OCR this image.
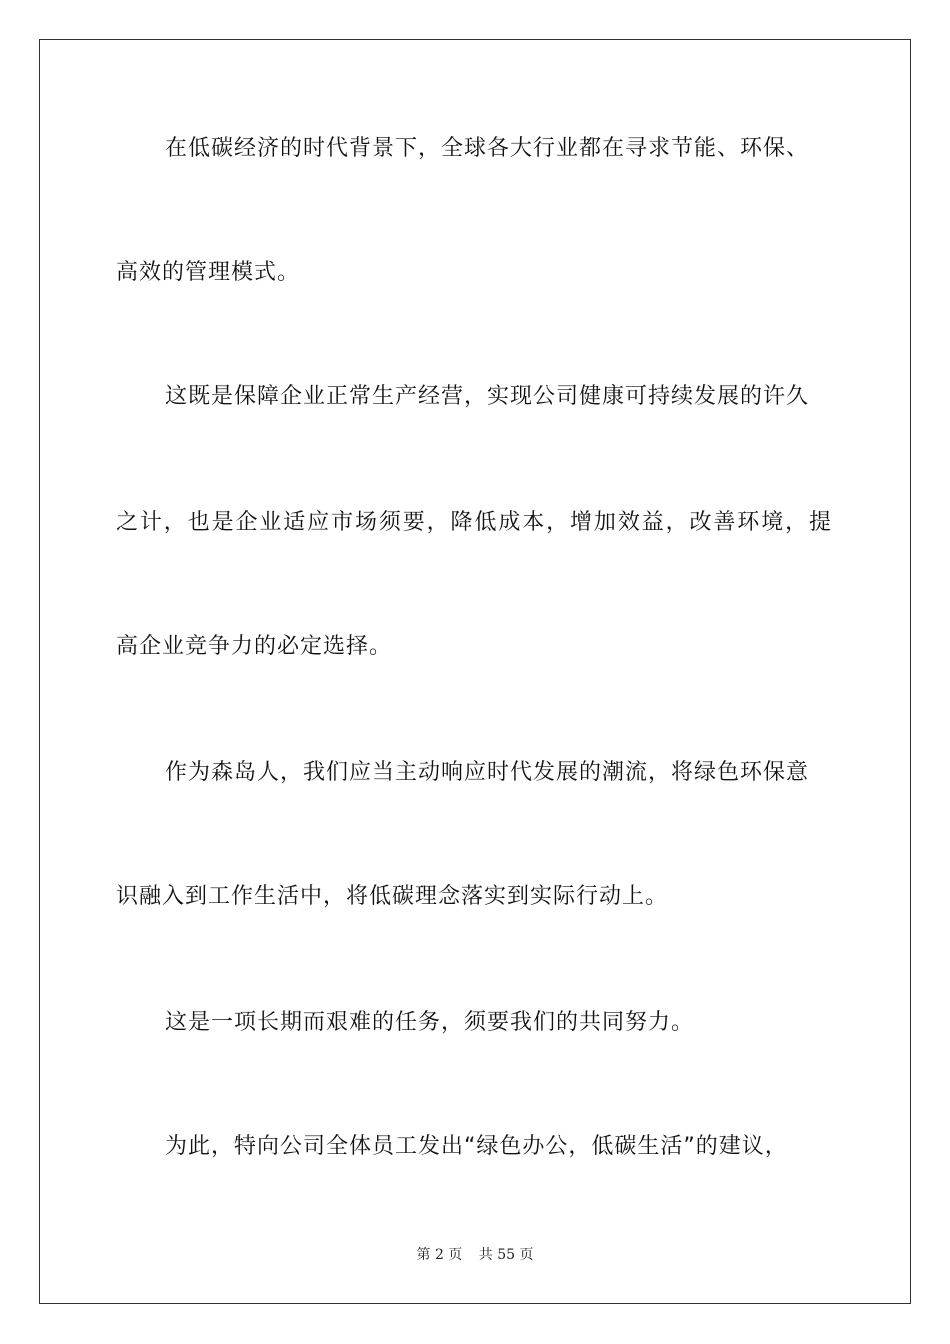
在低碳经济的时代背景下，全球各大行业都在寻求节能、环保、
高效的管理模式。
这既是保障企业正常生产经营，实现公司健康可持续发展的许久
之计，也是企业适应市场须要，降低成本，增加效益，改善环境，提
高企业竞争力的必定选择。
作为森岛人，我们应当主动响应时代发展的潮流，将绿色环保意
识融入到工作生活中，将低碳理念落实到实际行动上。
这是一项长期而艰难的任务，须要我们的共同努力。
为此，特向公司全体员工发出“绿色办公，低碳生活”的建议，
第 2 页 共 55 页
